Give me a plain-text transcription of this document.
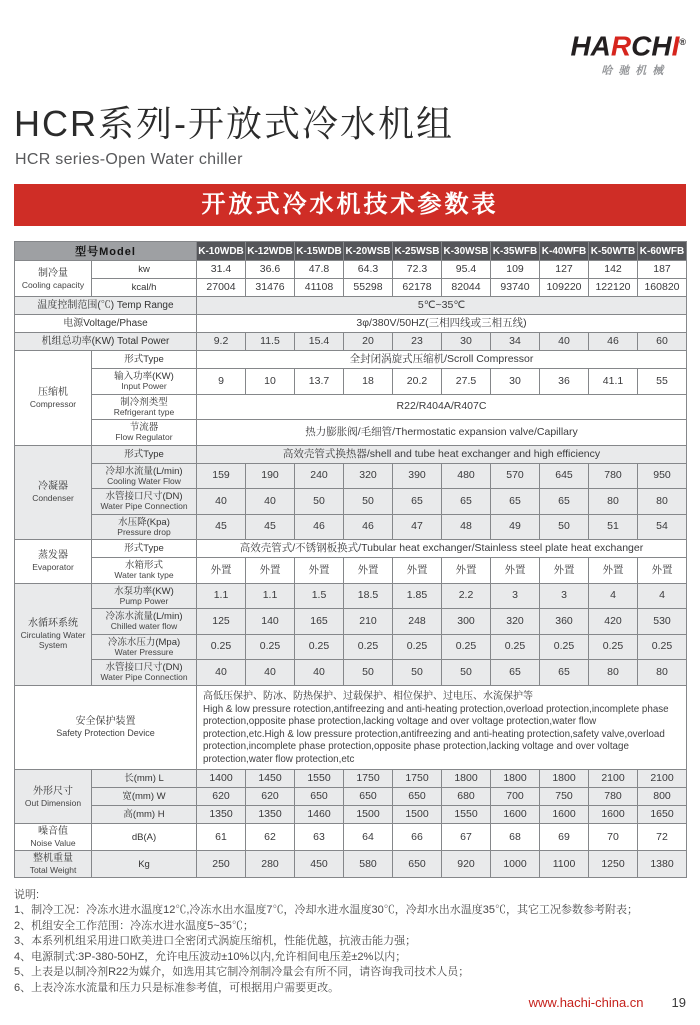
HARCHI®
哈驰机械
HCR系列-开放式冷水机组
HCR series-Open Water chiller
开放式冷水机技术参数表
型号Model		K-10WDB	K-12WDB	K-15WDB	K-20WSB	K-25WSB	K-30WSB	K-35WFB	K-40WFB	K-50WTB	K-60WFB

制冷量
Cooling capacity	kw	31.4	36.6	47.8	64.3	72.3	95.4	109	127	142	187

	kcal/h	27004	31476	41108	55298	62178	82044	93740	109220	122120	160820

温度控制范围(℃) Temp Range		5℃~35℃									

电源Voltage/Phase		3φ/380V/50HZ(三相四线或三相五线)									

机组总功率(KW) Total Power		9.2	11.5	15.4	20	23	30	34	40	46	60

压缩机
Compressor	形式Type	全封闭涡旋式压缩机/Scroll Compressor									

	输入功率(KW)
Input Power	9	10	13.7	18	20.2	27.5	30	36	41.1	55

	制冷剂类型
Refrigerant type	R22/R404A/R407C									

	节流器
Flow Regulator	热力膨胀阀/毛细管/Thermostatic expansion valve/Capillary									

冷凝器
Condenser	形式Type	高效壳管式换热器/shell and tube heat exchanger and high efficiency									

	冷却水流量(L/min)
Cooling Water Flow	159	190	240	320	390	480	570	645	780	950

	水管接口尺寸(DN)
Water Pipe Connection	40	40	50	50	65	65	65	65	80	80

	水压降(Kpa)
Pressure drop	45	45	46	46	47	48	49	50	51	54

蒸发器
Evaporator	形式Type	高效壳管式/不锈钢板换式/Tubular heat exchanger/Stainless steel plate heat exchanger									

	水箱形式
Water tank type	外置	外置	外置	外置	外置	外置	外置	外置	外置	外置

水循环系统
Circulating Water System

水泵功率(KW)
Pump Power	1.1	1.1	1.5	18.5	1.85	2.2	3	3	4	4

	冷冻水流量(L/min)
Chilled water flow	125	140	165	210	248	300	320	360	420	530

	冷冻水压力(Mpa)
Water Pressure	0.25	0.25	0.25	0.25	0.25	0.25	0.25	0.25	0.25	0.25

	水管接口尺寸(DN)
Water Pipe Connection	40	40	40	50	50	50	65	65	80	80

安全保护装置
Safety Protection Device

高低压保护、防冰、防热保护、过载保护、相位保护、过电压、水流保护等
High & low pressure rotection,antifreezing and anti-heating protection,overload protection,incomplete phase protection,opposite phase protection,lacking voltage and over voltage protection,water flow protection,etc.High & low pressure protection,antifreezing and anti-heating protection,safety valve,overload protection,incomplete phase protection,opposite phase protection,lacking voltage and over voltage protection,water flow protection,etc

外形尺寸
Out Dimension	长(mm) L	1400	1450	1550	1750	1750	1800	1800	1800	2100	2100

	宽(mm) W	620	620	650	650	650	680	700	750	780	800

	高(mm) H	1350	1350	1460	1500	1500	1550	1600	1600	1600	1650

噪音值
Noise Value	dB(A)	61	62	63	64	66	67	68	69	70	72

整机重量
Total Weight	Kg	250	280	450	580	650	920	1000	1100	1250	1380
说明:
1、制冷工况：冷冻水进水温度12℃,冷冻水出水温度7℃，冷却水进水温度30℃，冷却水出水温度35℃，其它工况参数参考附表；
2、机组安全工作范围：冷冻水进水温度5~35℃；
3、本系列机组采用进口欧美进口全密闭式涡旋压缩机，性能优越，抗液击能力强；
4、电源制式:3P-380-50HZ，允许电压波动±10%以内,允许相间电压差±2%以内；
5、上表是以制冷剂R22为媒介，如选用其它制冷剂制冷量会有所不同，请咨询我司技术人员；
6、上表冷冻水流量和压力只是标准参考值，可根据用户需要更改。
www.hachi-china.cn 19
